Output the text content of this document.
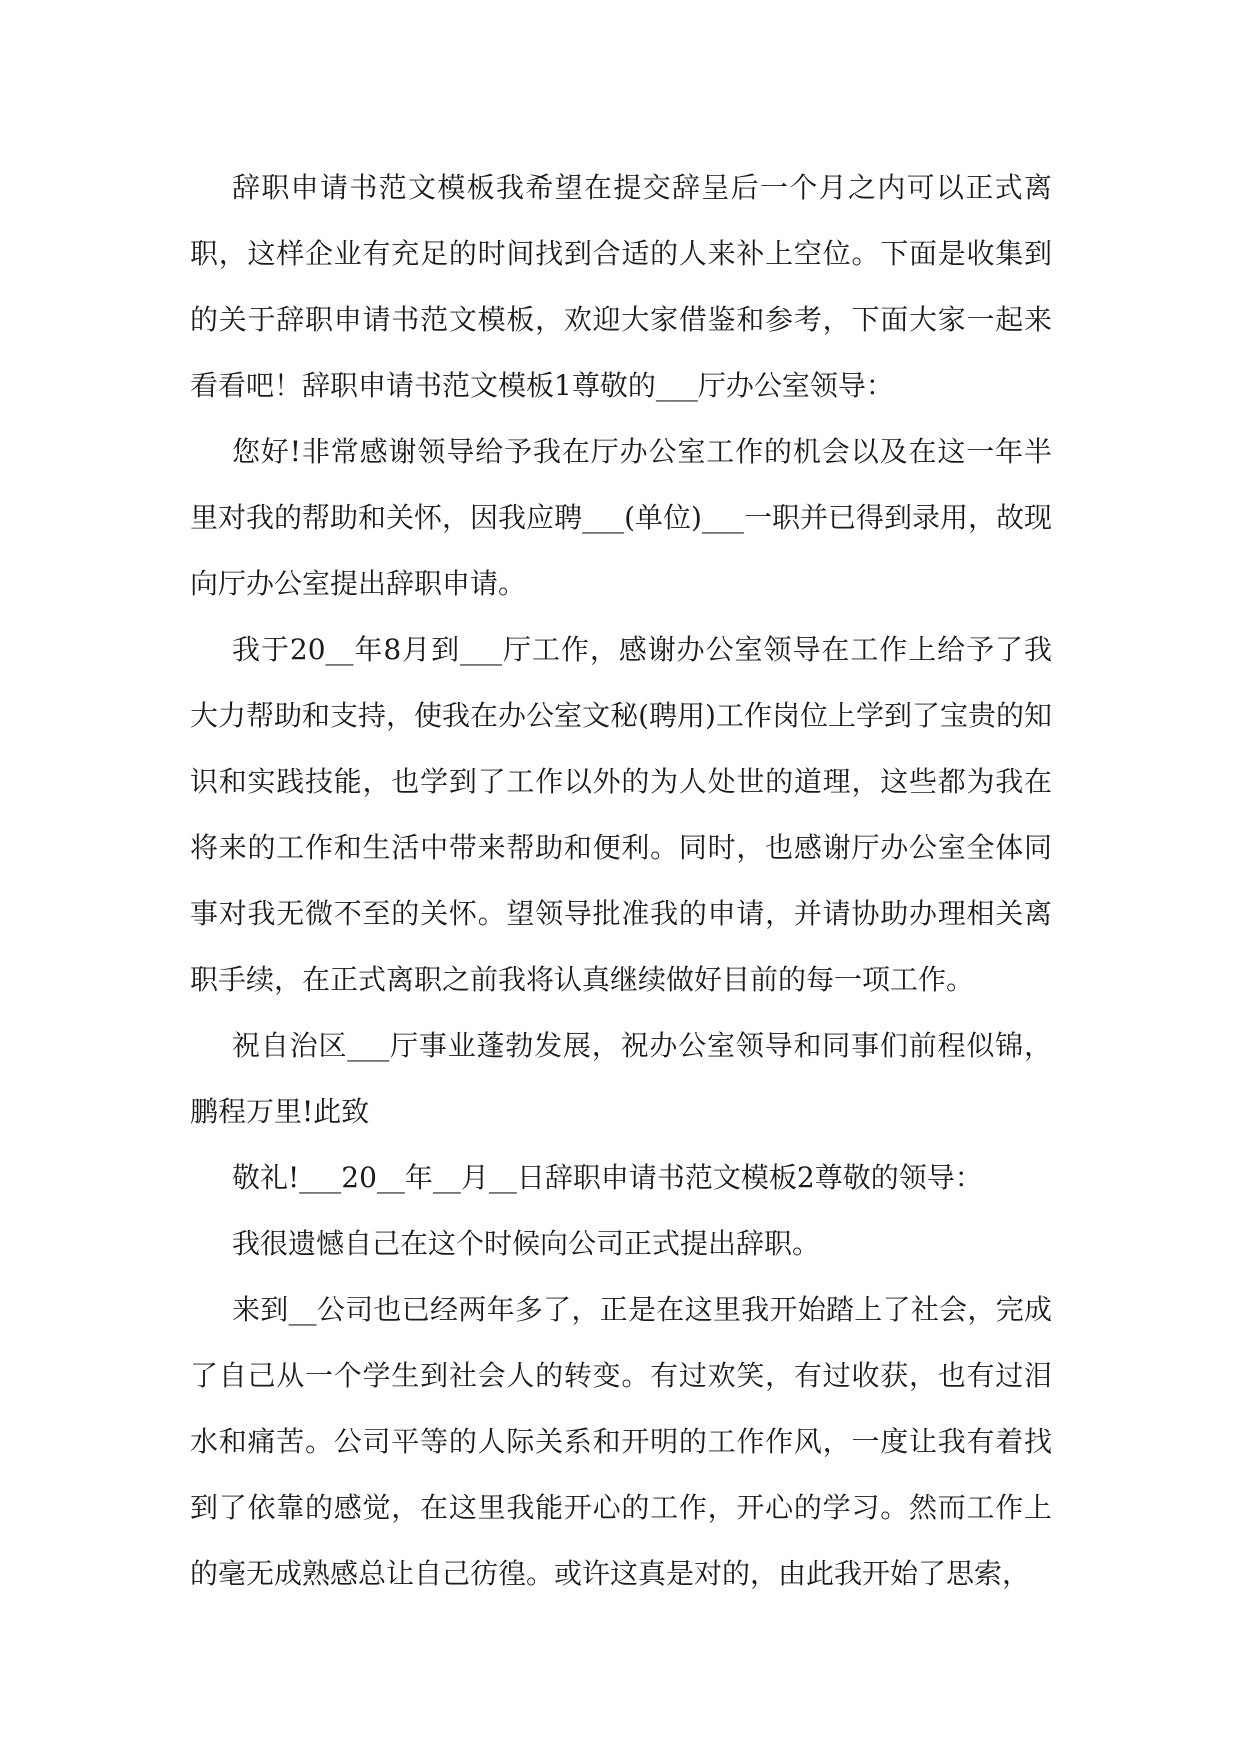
辞职申请书范文模板我希望在提交辞呈后一个月之内可以正式离职，这样企业有充足的时间找到合适的人来补上空位。下面是收集到的关于辞职申请书范文模板，欢迎大家借鉴和参考，下面大家一起来看看吧！辞职申请书范文模板1尊敬的___厅办公室领导：

您好!非常感谢领导给予我在厅办公室工作的机会以及在这一年半里对我的帮助和关怀，因我应聘___(单位)___一职并已得到录用，故现向厅办公室提出辞职申请。

我于20__年8月到___厅工作，感谢办公室领导在工作上给予了我大力帮助和支持，使我在办公室文秘(聘用)工作岗位上学到了宝贵的知识和实践技能，也学到了工作以外的为人处世的道理，这些都为我在将来的工作和生活中带来帮助和便利。同时，也感谢厅办公室全体同事对我无微不至的关怀。望领导批准我的申请，并请协助办理相关离职手续，在正式离职之前我将认真继续做好目前的每一项工作。

祝自治区___厅事业蓬勃发展，祝办公室领导和同事们前程似锦，鹏程万里!此致

敬礼!___20__年__月__日辞职申请书范文模板2尊敬的领导：

我很遗憾自己在这个时候向公司正式提出辞职。

来到__公司也已经两年多了，正是在这里我开始踏上了社会，完成了自己从一个学生到社会人的转变。有过欢笑，有过收获，也有过泪水和痛苦。公司平等的人际关系和开明的工作作风，一度让我有着找到了依靠的感觉，在这里我能开心的工作，开心的学习。然而工作上的毫无成熟感总让自己彷徨。或许这真是对的，由此我开始了思索，
